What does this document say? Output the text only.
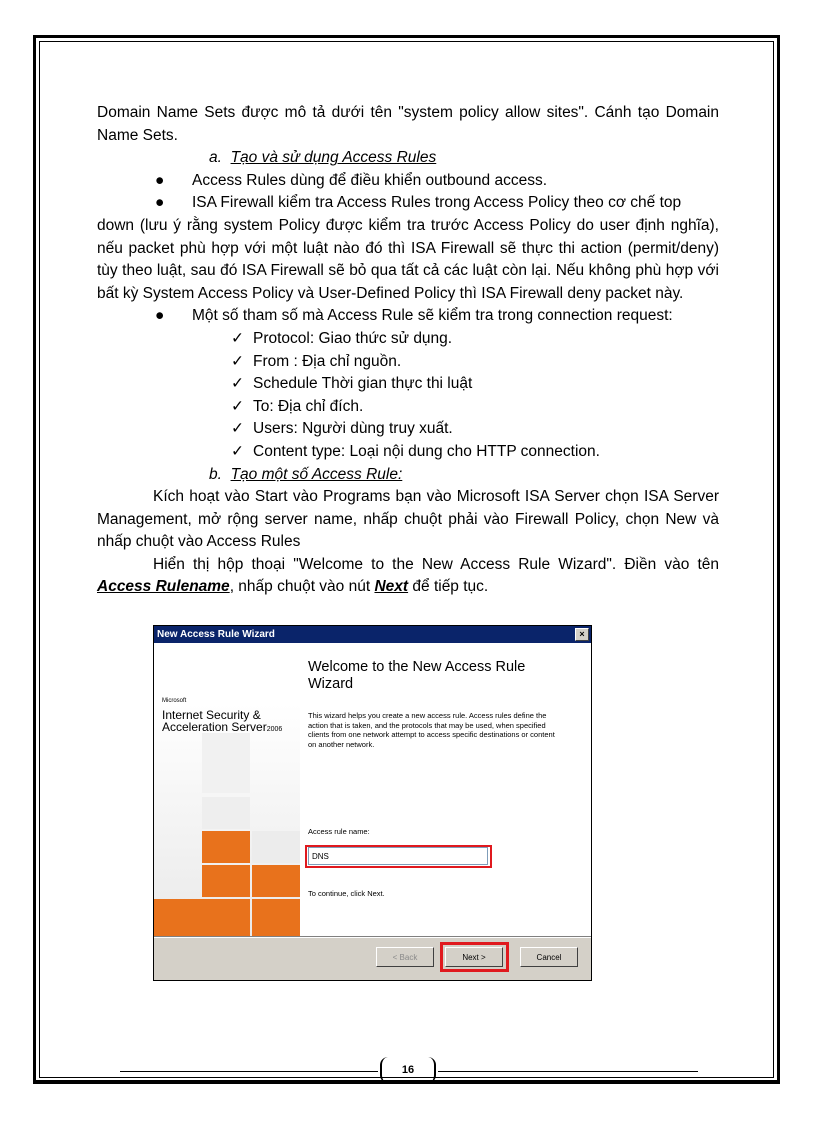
Domain Name Sets được mô tả dưới tên "system policy allow sites". Cánh tạo Domain Name Sets.

a. Tạo và sử dụng Access Rules
● Access Rules dùng để điều khiển outbound access.
● ISA Firewall kiểm tra Access Rules trong Access Policy theo cơ chế top

down (lưu ý rằng system Policy được kiểm tra trước Access Policy do user định nghĩa), nếu packet phù hợp với một luật nào đó thì ISA Firewall sẽ thực thi action (permit/deny) tùy theo luật, sau đó ISA Firewall sẽ bỏ qua tất cả các luật còn lại. Nếu không phù hợp với bất kỳ System Access Policy và User-Defined Policy thì ISA Firewall deny packet này.

● Một số tham số mà Access Rule sẽ kiểm tra trong connection request:
✓ Protocol: Giao thức sử dụng.
✓ From : Địa chỉ nguồn.
✓ Schedule Thời gian thực thi luật
✓ To: Địa chỉ đích.
✓ Users: Người dùng truy xuất.
✓ Content type: Loại nội dung cho HTTP connection.
b. Tạo một số Access Rule:

Kích hoạt vào Start vào Programs bạn vào Microsoft ISA Server chọn ISA Server Management, mở rộng server name, nhấp chuột phải vào Firewall Policy, chọn New và nhấp chuột vào Access Rules

Hiển thị hộp thoại "Welcome to the New Access Rule Wizard". Điền vào tên Access Rulename, nhấp chuột vào nút Next để tiếp tục.

New Access Rule Wizard	×
Microsoft
Internet Security &
Acceleration Server2006
Welcome to the New Access Rule Wizard
This wizard helps you create a new access rule. Access rules define the action that is taken, and the protocols that may be used, when specified clients from one network attempt to access specific destinations or content on another network.
Access rule name:
DNS
To continue, click Next.
< Back	Next >	Cancel
16
